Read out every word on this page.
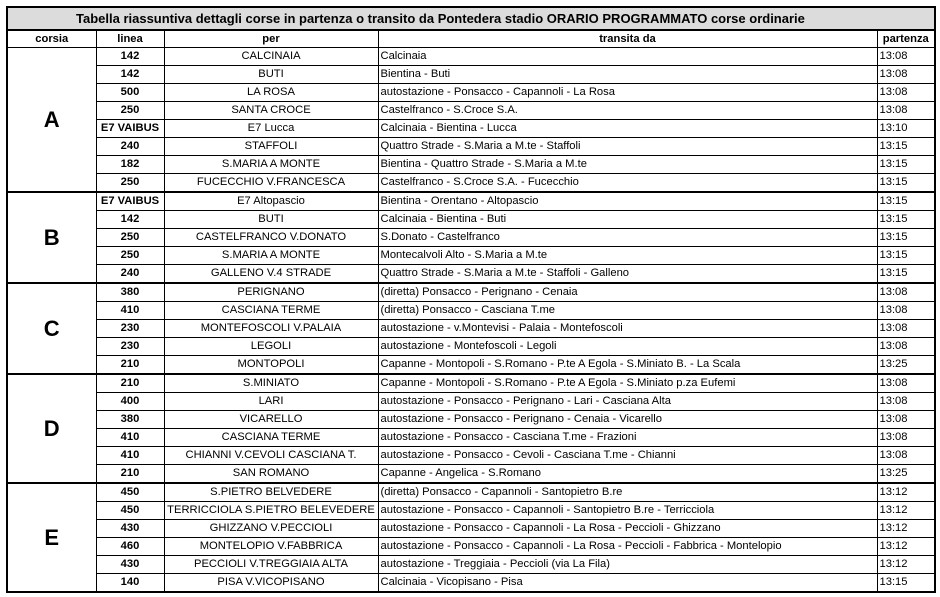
Tabella riassuntiva dettagli corse in partenza o transito da Pontedera stadio ORARIO PROGRAMMATO corse ordinarie				
corsia	linea	per	transita da	partenza
A	142	CALCINAIA	Calcinaia	13:08
	142	BUTI	Bientina - Buti	13:08
	500	LA ROSA	autostazione - Ponsacco - Capannoli - La Rosa	13:08
	250	SANTA CROCE	Castelfranco - S.Croce S.A.	13:08
	E7 VAIBUS	E7 Lucca	Calcinaia - Bientina - Lucca	13:10
	240	STAFFOLI	Quattro Strade - S.Maria a M.te - Staffoli	13:15
	182	S.MARIA A MONTE	Bientina - Quattro Strade - S.Maria a M.te	13:15
	250	FUCECCHIO V.FRANCESCA	Castelfranco - S.Croce S.A. - Fucecchio	13:15
B	E7 VAIBUS	E7 Altopascio	Bientina - Orentano - Altopascio	13:15
	142	BUTI	Calcinaia - Bientina - Buti	13:15
	250	CASTELFRANCO V.DONATO	S.Donato - Castelfranco	13:15
	250	S.MARIA A MONTE	Montecalvoli Alto - S.Maria a M.te	13:15
	240	GALLENO V.4 STRADE	Quattro Strade - S.Maria a M.te - Staffoli - Galleno	13:15
C	380	PERIGNANO	(diretta) Ponsacco - Perignano - Cenaia	13:08
	410	CASCIANA TERME	(diretta) Ponsacco - Casciana T.me	13:08
	230	MONTEFOSCOLI V.PALAIA	autostazione - v.Montevisi - Palaia - Montefoscoli	13:08
	230	LEGOLI	autostazione - Montefoscoli - Legoli	13:08
	210	MONTOPOLI	Capanne - Montopoli - S.Romano - P.te A Egola - S.Miniato B. - La Scala	13:25
D	210	S.MINIATO	Capanne - Montopoli - S.Romano - P.te A Egola - S.Miniato p.za Eufemi	13:08
	400	LARI	autostazione - Ponsacco - Perignano - Lari - Casciana Alta	13:08
	380	VICARELLO	autostazione - Ponsacco - Perignano - Cenaia - Vicarello	13:08
	410	CASCIANA TERME	autostazione - Ponsacco - Casciana T.me - Frazioni	13:08
	410	CHIANNI V.CEVOLI CASCIANA T.	autostazione - Ponsacco - Cevoli - Casciana T.me - Chianni	13:08
	210	SAN ROMANO	Capanne - Angelica - S.Romano	13:25
E	450	S.PIETRO BELVEDERE	(diretta) Ponsacco - Capannoli - Santopietro B.re	13:12
	450	TERRICCIOLA S.PIETRO BELEVEDERE	autostazione - Ponsacco - Capannoli - Santopietro B.re - Terricciola	13:12
	430	GHIZZANO V.PECCIOLI	autostazione - Ponsacco - Capannoli - La Rosa - Peccioli - Ghizzano	13:12
	460	MONTELOPIO V.FABBRICA	autostazione - Ponsacco - Capannoli - La Rosa - Peccioli - Fabbrica - Montelopio	13:12
	430	PECCIOLI V.TREGGIAIA ALTA	autostazione - Treggiaia - Peccioli (via La Fila)	13:12
	140	PISA V.VICOPISANO	Calcinaia - Vicopisano - Pisa	13:15
